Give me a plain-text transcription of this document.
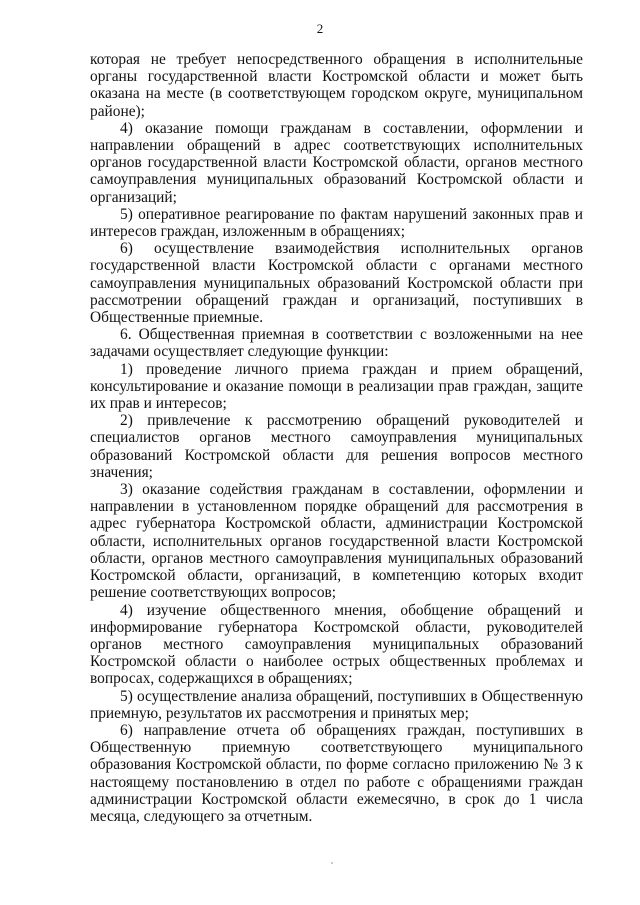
2

которая не требует непосредственного обращения в исполнительные органы государственной власти Костромской области и может быть оказана на месте (в соответствующем городском округе, муниципальном районе);

4) оказание помощи гражданам в составлении, оформлении и направлении обращений в адрес соответствующих исполнительных органов государственной власти Костромской области, органов местного самоуправления муниципальных образований Костромской области и организаций;

5) оперативное реагирование по фактам нарушений законных прав и интересов граждан, изложенным в обращениях;

6) осуществление взаимодействия исполнительных органов государственной власти Костромской области с органами местного самоуправления муниципальных образований Костромской области при рассмотрении обращений граждан и организаций, поступивших в Общественные приемные.

6. Общественная приемная в соответствии с возложенными на нее задачами осуществляет следующие функции:

1) проведение личного приема граждан и прием обращений, консультирование и оказание помощи в реализации прав граждан, защите их прав и интересов;

2) привлечение к рассмотрению обращений руководителей и специалистов органов местного самоуправления муниципальных образований Костромской области для решения вопросов местного значения;

3) оказание содействия гражданам в составлении, оформлении и направлении в установленном порядке обращений для рассмотрения в адрес губернатора Костромской области, администрации Костромской области, исполнительных органов государственной власти Костромской области, органов местного самоуправления муниципальных образований Костромской области, организаций, в компетенцию которых входит решение соответствующих вопросов;

4) изучение общественного мнения, обобщение обращений и информирование губернатора Костромской области, руководителей органов местного самоуправления муниципальных образований Костромской области о наиболее острых общественных проблемах и вопросах, содержащихся в обращениях;

5) осуществление анализа обращений, поступивших в Общественную приемную, результатов их рассмотрения и принятых мер;

6) направление отчета об обращениях граждан, поступивших в Общественную приемную соответствующего муниципального образования Костромской области, по форме согласно приложению № 3 к настоящему постановлению в отдел по работе с обращениями граждан администрации Костромской области ежемесячно, в срок до 1 числа месяца, следующего за отчетным.
